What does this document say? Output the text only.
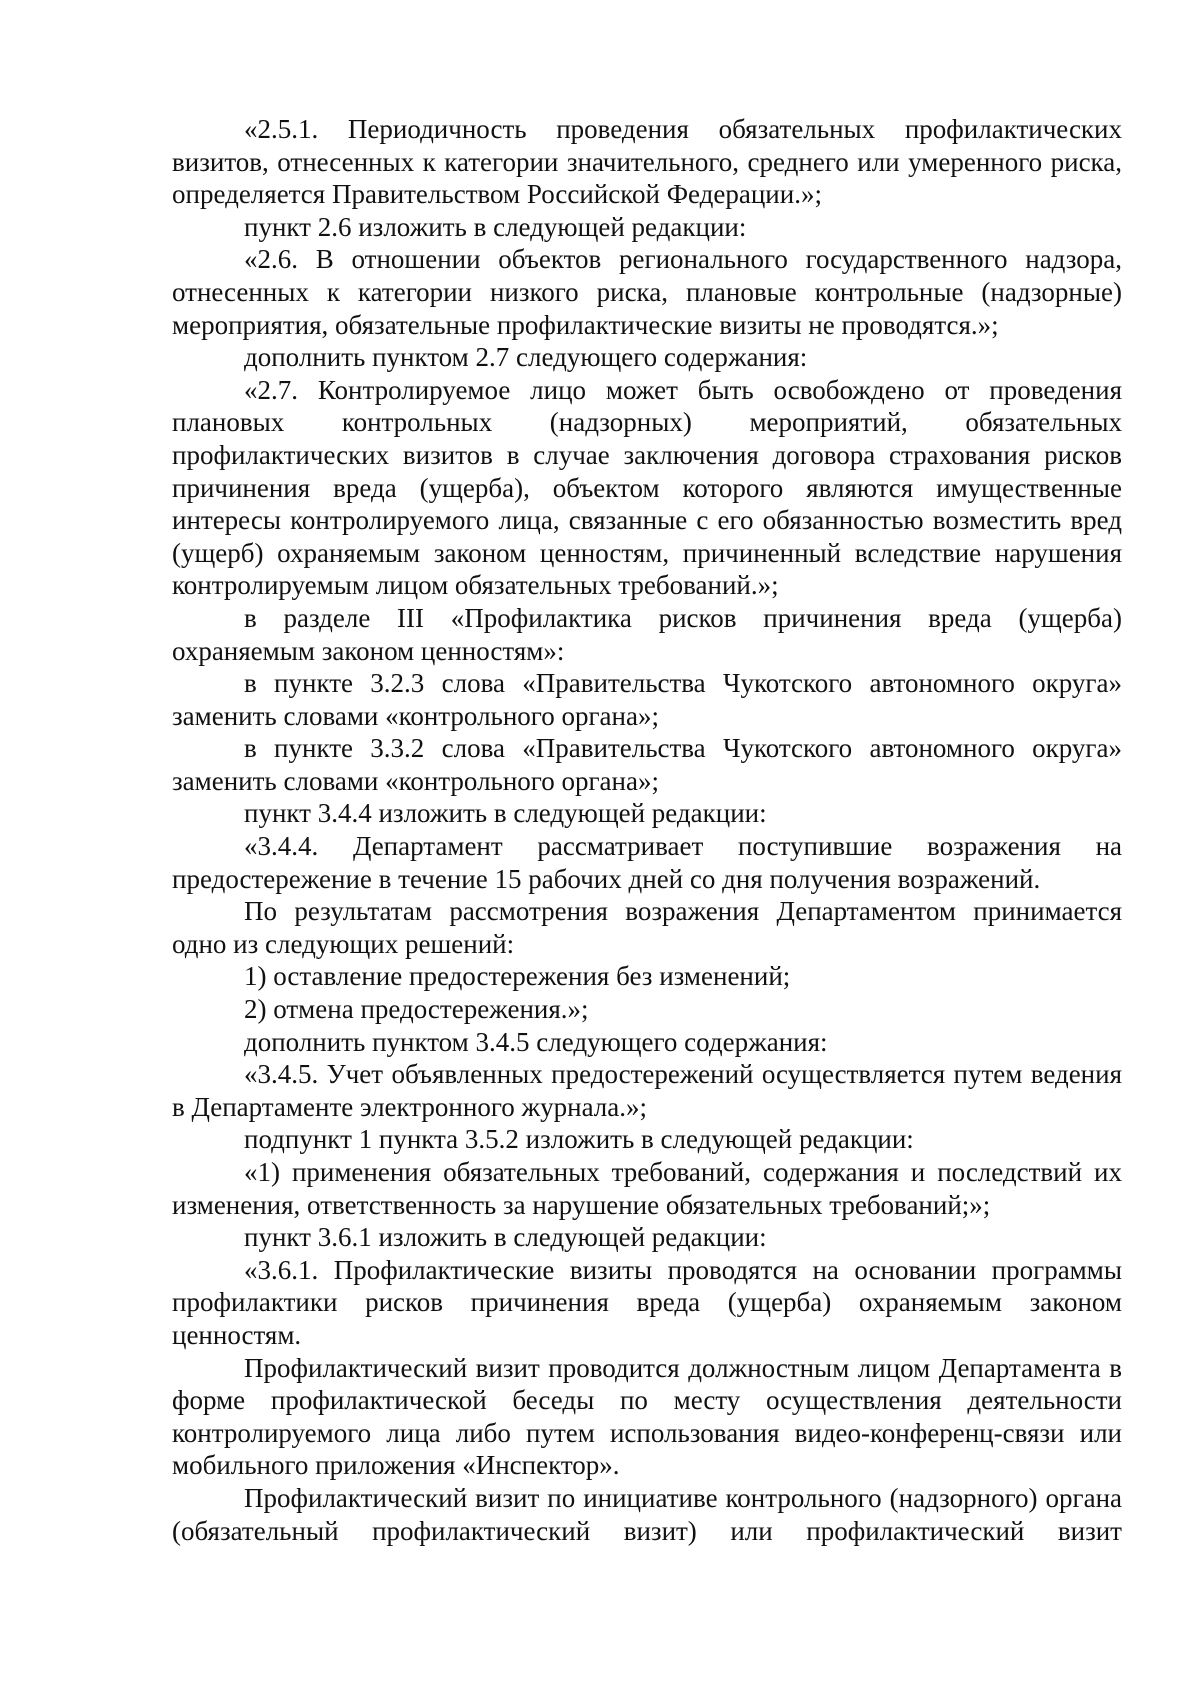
«2.5.1. Периодичность проведения обязательных профилактических визитов, отнесенных к категории значительного, среднего или умеренного риска, определяется Правительством Российской Федерации.»;

пункт 2.6 изложить в следующей редакции:

«2.6. В отношении объектов регионального государственного надзора, отнесенных к категории низкого риска, плановые контрольные (надзорные) мероприятия, обязательные профилактические визиты не проводятся.»;

дополнить пунктом 2.7 следующего содержания:

«2.7. Контролируемое лицо может быть освобождено от проведения плановых контрольных (надзорных) мероприятий, обязательных профилактических визитов в случае заключения договора страхования рисков причинения вреда (ущерба), объектом которого являются имущественные интересы контролируемого лица, связанные с его обязанностью возместить вред (ущерб) охраняемым законом ценностям, причиненный вследствие нарушения контролируемым лицом обязательных требований.»;

в разделе III «Профилактика рисков причинения вреда (ущерба) охраняемым законом ценностям»:

в пункте 3.2.3 слова «Правительства Чукотского автономного округа» заменить словами «контрольного органа»;

в пункте 3.3.2 слова «Правительства Чукотского автономного округа» заменить словами «контрольного органа»;

пункт 3.4.4 изложить в следующей редакции:

«3.4.4. Департамент рассматривает поступившие возражения на предостережение в течение 15 рабочих дней со дня получения возражений.

По результатам рассмотрения возражения Департаментом принимается одно из следующих решений:

1) оставление предостережения без изменений;

2) отмена предостережения.»;

дополнить пунктом 3.4.5 следующего содержания:

«3.4.5. Учет объявленных предостережений осуществляется путем ведения в Департаменте электронного журнала.»;

подпункт 1 пункта 3.5.2 изложить в следующей редакции:

«1) применения обязательных требований, содержания и последствий их изменения, ответственность за нарушение обязательных требований;»;

пункт 3.6.1 изложить в следующей редакции:

«3.6.1. Профилактические визиты проводятся на основании программы профилактики рисков причинения вреда (ущерба) охраняемым законом ценностям.

Профилактический визит проводится должностным лицом Департамента в форме профилактической беседы по месту осуществления деятельности контролируемого лица либо путем использования видео-конференц-связи или мобильного приложения «Инспектор».

Профилактический визит по инициативе контрольного (надзорного) органа (обязательный профилактический визит) или профилактический визит
